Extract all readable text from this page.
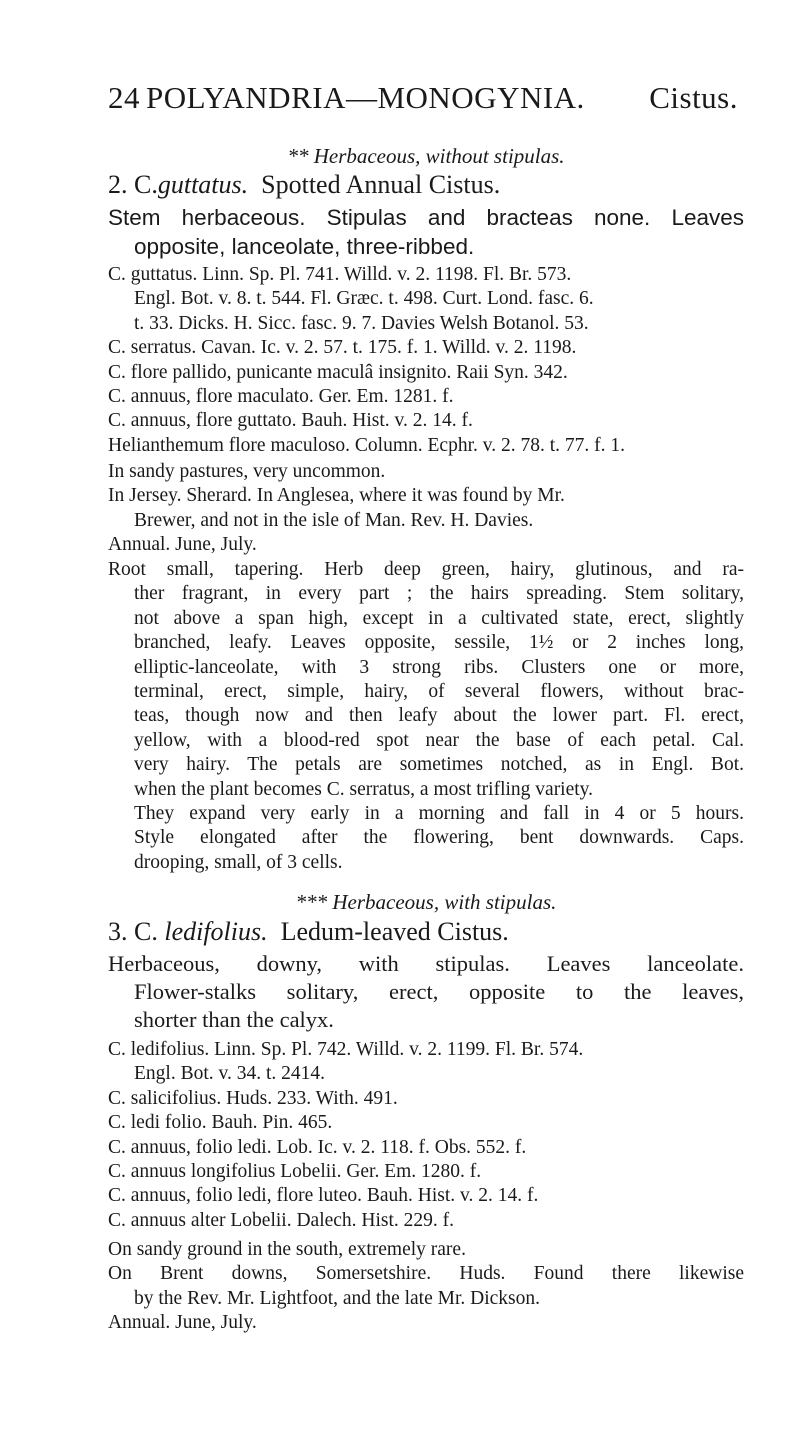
24 POLYANDRIA—MONOGYNIA. Cistus.
** Herbaceous, without stipulas.
2. C.guttatus. Spotted Annual Cistus.
Stem herbaceous. Stipulas and bracteas none. Leaves
opposite, lanceolate, three-ribbed.
C. guttatus. Linn. Sp. Pl. 741. Willd. v. 2. 1198. Fl. Br. 573.
Engl. Bot. v. 8. t. 544. Fl. Græc. t. 498. Curt. Lond. fasc. 6.
t. 33. Dicks. H. Sicc. fasc. 9. 7. Davies Welsh Botanol. 53.
C. serratus. Cavan. Ic. v. 2. 57. t. 175. f. 1. Willd. v. 2. 1198.
C. flore pallido, punicante maculâ insignito. Raii Syn. 342.
C. annuus, flore maculato. Ger. Em. 1281. f.
C. annuus, flore guttato. Bauh. Hist. v. 2. 14. f.
Helianthemum flore maculoso. Column. Ecphr. v. 2. 78. t. 77. f. 1.
In sandy pastures, very uncommon.
In Jersey. Sherard. In Anglesea, where it was found by Mr.
Brewer, and not in the isle of Man. Rev. H. Davies.
Annual. June, July.
Root small, tapering. Herb deep green, hairy, glutinous, and ra-
ther fragrant, in every part ; the hairs spreading. Stem solitary,
not above a span high, except in a cultivated state, erect, slightly
branched, leafy. Leaves opposite, sessile, 1½ or 2 inches long,
elliptic-lanceolate, with 3 strong ribs. Clusters one or more,
terminal, erect, simple, hairy, of several flowers, without brac-
teas, though now and then leafy about the lower part. Fl. erect,
yellow, with a blood-red spot near the base of each petal. Cal.
very hairy. The petals are sometimes notched, as in Engl. Bot.
when the plant becomes C. serratus, a most trifling variety.
They expand very early in a morning and fall in 4 or 5 hours.
Style elongated after the flowering, bent downwards. Caps.
drooping, small, of 3 cells.
*** Herbaceous, with stipulas.
3. C. ledifolius. Ledum-leaved Cistus.
Herbaceous, downy, with stipulas. Leaves lanceolate.
Flower-stalks solitary, erect, opposite to the leaves,
shorter than the calyx.
C. ledifolius. Linn. Sp. Pl. 742. Willd. v. 2. 1199. Fl. Br. 574.
Engl. Bot. v. 34. t. 2414.
C. salicifolius. Huds. 233. With. 491.
C. ledi folio. Bauh. Pin. 465.
C. annuus, folio ledi. Lob. Ic. v. 2. 118. f. Obs. 552. f.
C. annuus longifolius Lobelii. Ger. Em. 1280. f.
C. annuus, folio ledi, flore luteo. Bauh. Hist. v. 2. 14. f.
C. annuus alter Lobelii. Dalech. Hist. 229. f.
On sandy ground in the south, extremely rare.
On Brent downs, Somersetshire. Huds. Found there likewise
by the Rev. Mr. Lightfoot, and the late Mr. Dickson.
Annual. June, July.
